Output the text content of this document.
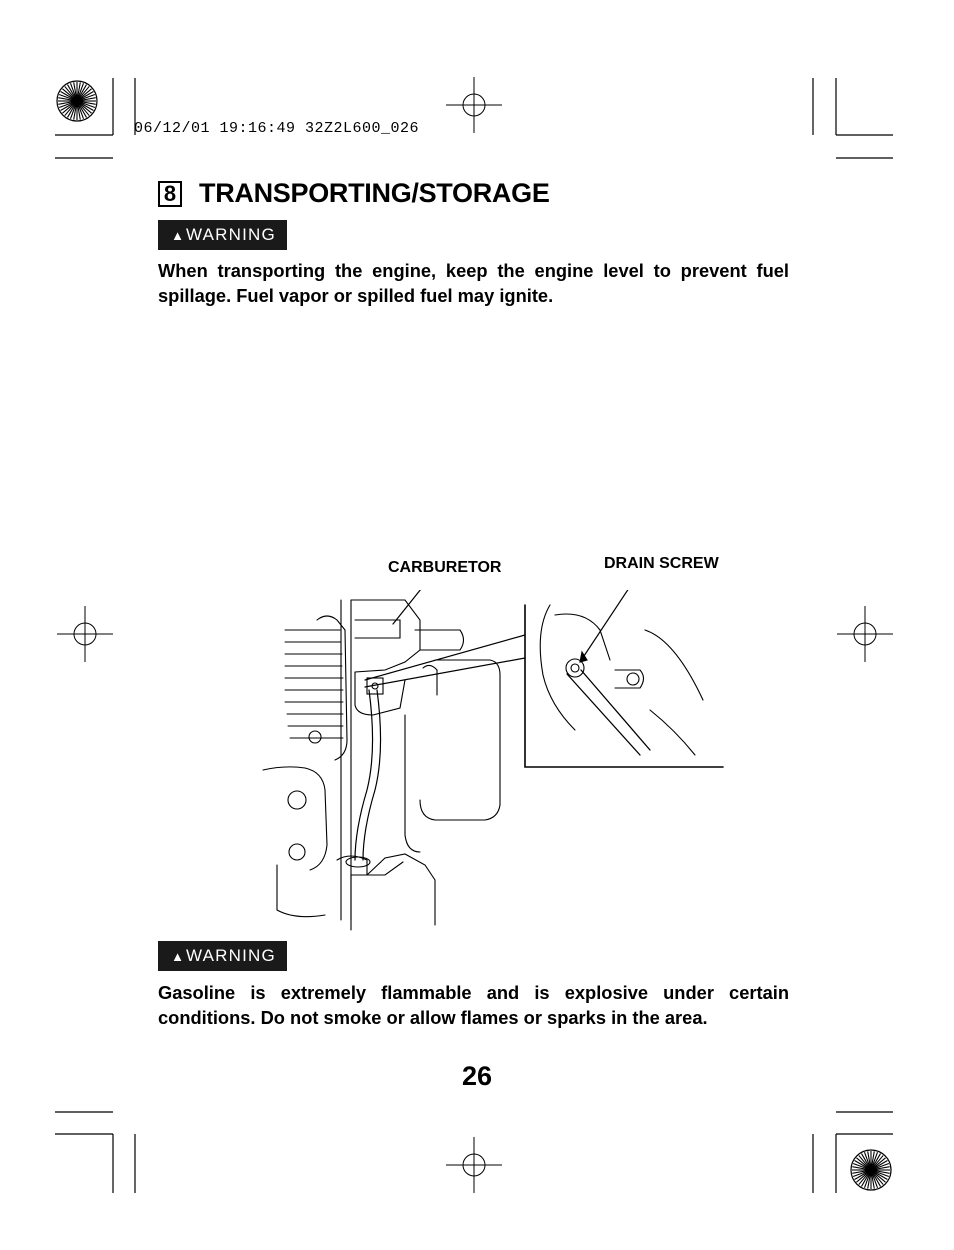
06/12/01 19:16:49 32Z2L600_026
8 TRANSPORTING/STORAGE
▲ WARNING
When transporting the engine, keep the engine level to prevent fuel spillage. Fuel vapor or spilled fuel may ignite.
CARBURETOR	DRAIN SCREW
▲ WARNING
Gasoline is extremely flammable and is explosive under certain conditions. Do not smoke or allow flames or sparks in the area.
26
